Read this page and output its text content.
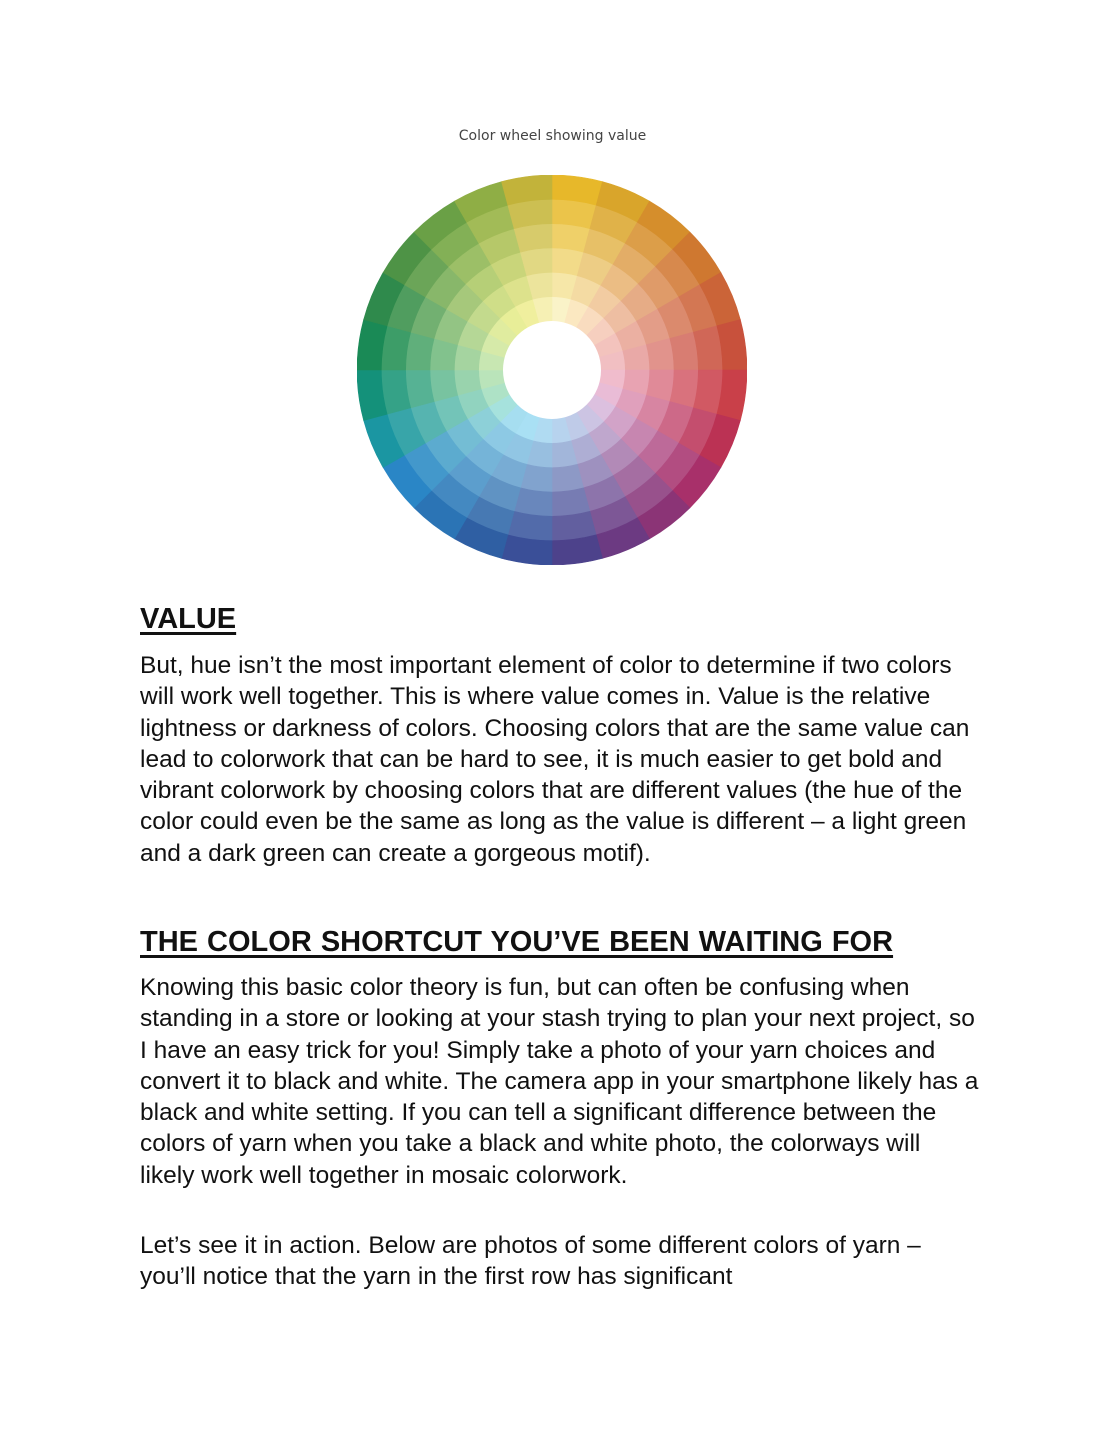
Color wheel showing value
VALUE

But, hue isn’t the most important element of color to determine if two colors will work well together. This is where value comes in. Value is the relative lightness or darkness of colors. Choosing colors that are the same value can lead to colorwork that can be hard to see, it is much easier to get bold and vibrant colorwork by choosing colors that are different values (the hue of the color could even be the same as long as the value is different – a light green and a dark green can create a gorgeous motif).

THE COLOR SHORTCUT YOU’VE BEEN WAITING FOR

Knowing this basic color theory is fun, but can often be confusing when standing in a store or looking at your stash trying to plan your next project, so I have an easy trick for you! Simply take a photo of your yarn choices and convert it to black and white. The camera app in your smartphone likely has a black and white setting. If you can tell a significant difference between the colors of yarn when you take a black and white photo, the colorways will likely work well together in mosaic colorwork.

Let’s see it in action. Below are photos of some different colors of yarn – you’ll notice that the yarn in the first row has significant
